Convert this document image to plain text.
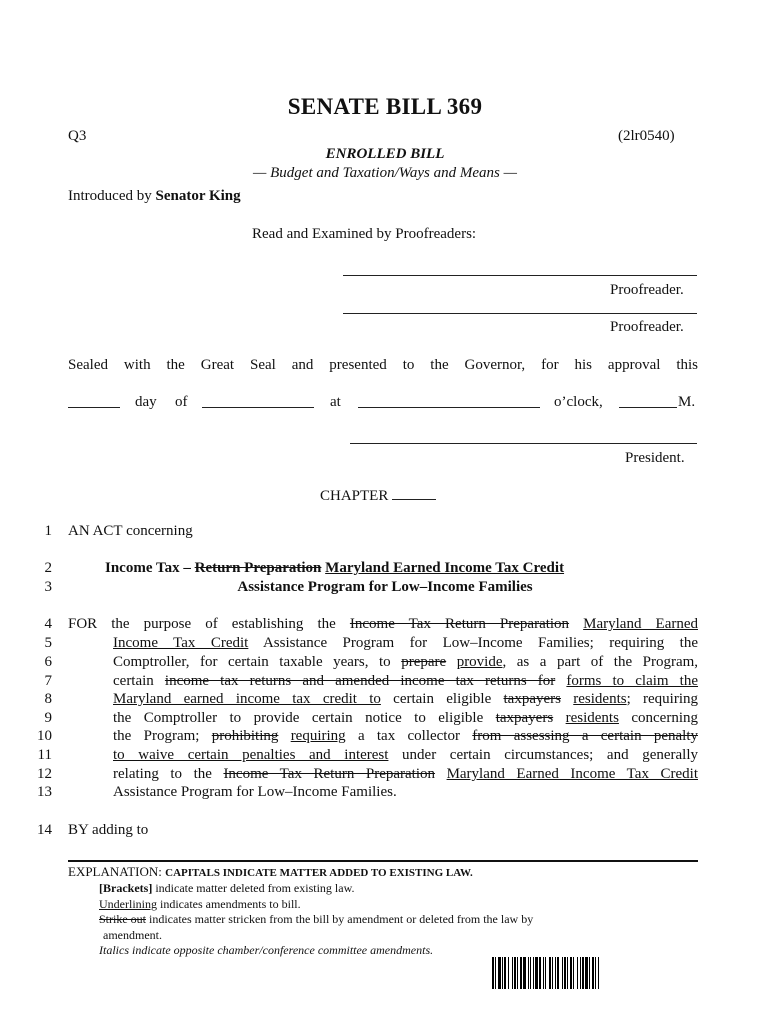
SENATE BILL 369
Q3	(2lr0540)
ENROLLED BILL
— Budget and Taxation/Ways and Means —
Introduced by Senator King
Read and Examined by Proofreaders:
Proofreader.
Proofreader.
Sealed with the Great Seal and presented to the Governor, for his approval this
day of	at	o’clock,	M.
President.
CHAPTER
1
2
3
4
5
6
7
8
9
10
11
12
13
14
AN ACT concerning
Income Tax – Return Preparation Maryland Earned Income Tax Credit
Assistance Program for Low–Income Families
FOR the purpose of establishing the Income Tax Return Preparation Maryland Earned
Income Tax Credit Assistance Program for Low–Income Families; requiring the
Comptroller, for certain taxable years, to prepare provide, as a part of the Program,
certain income tax returns and amended income tax returns for forms to claim the
Maryland earned income tax credit to certain eligible taxpayers residents; requiring
the Comptroller to provide certain notice to eligible taxpayers residents concerning
the Program; prohibiting requiring a tax collector from assessing a certain penalty
to waive certain penalties and interest under certain circumstances; and generally
relating to the Income Tax Return Preparation Maryland Earned Income Tax Credit
Assistance Program for Low–Income Families.
BY adding to
EXPLANATION: CAPITALS INDICATE MATTER ADDED TO EXISTING LAW.
[Brackets] indicate matter deleted from existing law.
Underlining indicates amendments to bill.
Strike out indicates matter stricken from the bill by amendment or deleted from the law by
amendment.
Italics indicate opposite chamber/conference committee amendments.
